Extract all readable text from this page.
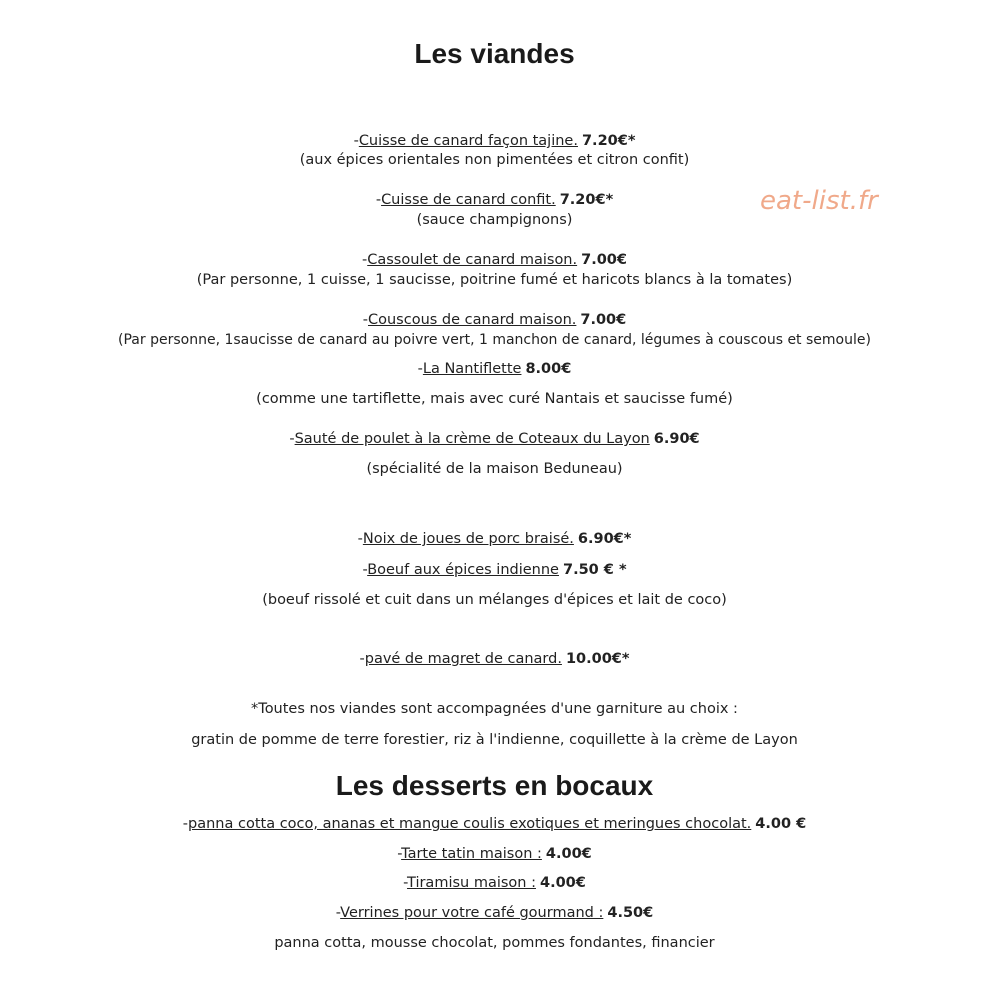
Les viandes
eat-list.fr
-Cuisse de canard façon tajine. 7.20€*
(aux épices orientales non pimentées et citron confit)
-Cuisse de canard confit. 7.20€*
(sauce champignons)
-Cassoulet de canard maison. 7.00€
(Par personne, 1 cuisse, 1 saucisse, poitrine fumé et haricots blancs à la tomates)
-Couscous de canard maison. 7.00€
(Par personne, 1saucisse de canard au poivre vert, 1 manchon de canard, légumes à couscous et semoule)
-La Nantiflette 8.00€
(comme une tartiflette, mais avec curé Nantais et saucisse fumé)
-Sauté de poulet à la crème de Coteaux du Layon 6.90€
(spécialité de la maison Beduneau)
-Noix de joues de porc braisé. 6.90€*
-Boeuf aux épices indienne 7.50 € *
(boeuf rissolé et cuit dans un mélanges d'épices et lait de coco)
-pavé de magret de canard. 10.00€*
*Toutes nos viandes sont accompagnées d'une garniture au choix :
gratin de pomme de terre forestier, riz à l'indienne, coquillette à la crème de Layon
Les desserts en bocaux
-panna cotta coco, ananas et mangue coulis exotiques et meringues chocolat. 4.00 €
-Tarte tatin maison : 4.00€
-Tiramisu maison : 4.00€
-Verrines pour votre café gourmand : 4.50€
panna cotta, mousse chocolat, pommes fondantes, financier
